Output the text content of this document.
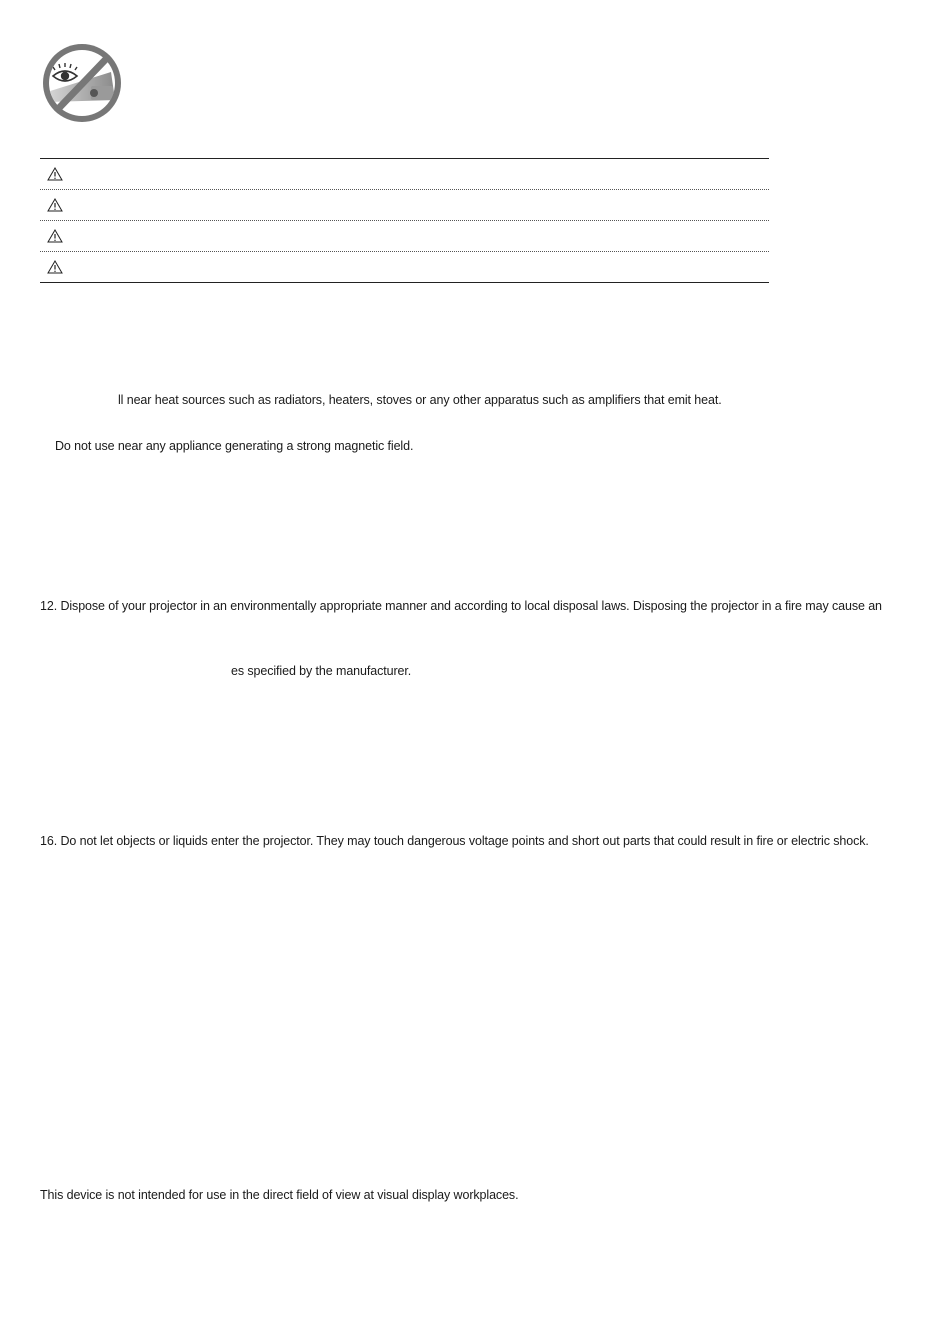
ll near heat sources such as radiators, heaters, stoves or any other apparatus such as amplifiers that emit heat.
Do not use near any appliance generating a strong magnetic field.
12. Dispose of your projector in an environmentally appropriate manner and according to local disposal laws. Disposing the projector in a fire may cause an
es specified by the manufacturer.
16. Do not let objects or liquids enter the projector. They may touch dangerous voltage points and short out parts that could result in fire or electric shock.
This device is not intended for use in the direct field of view at visual display workplaces.
